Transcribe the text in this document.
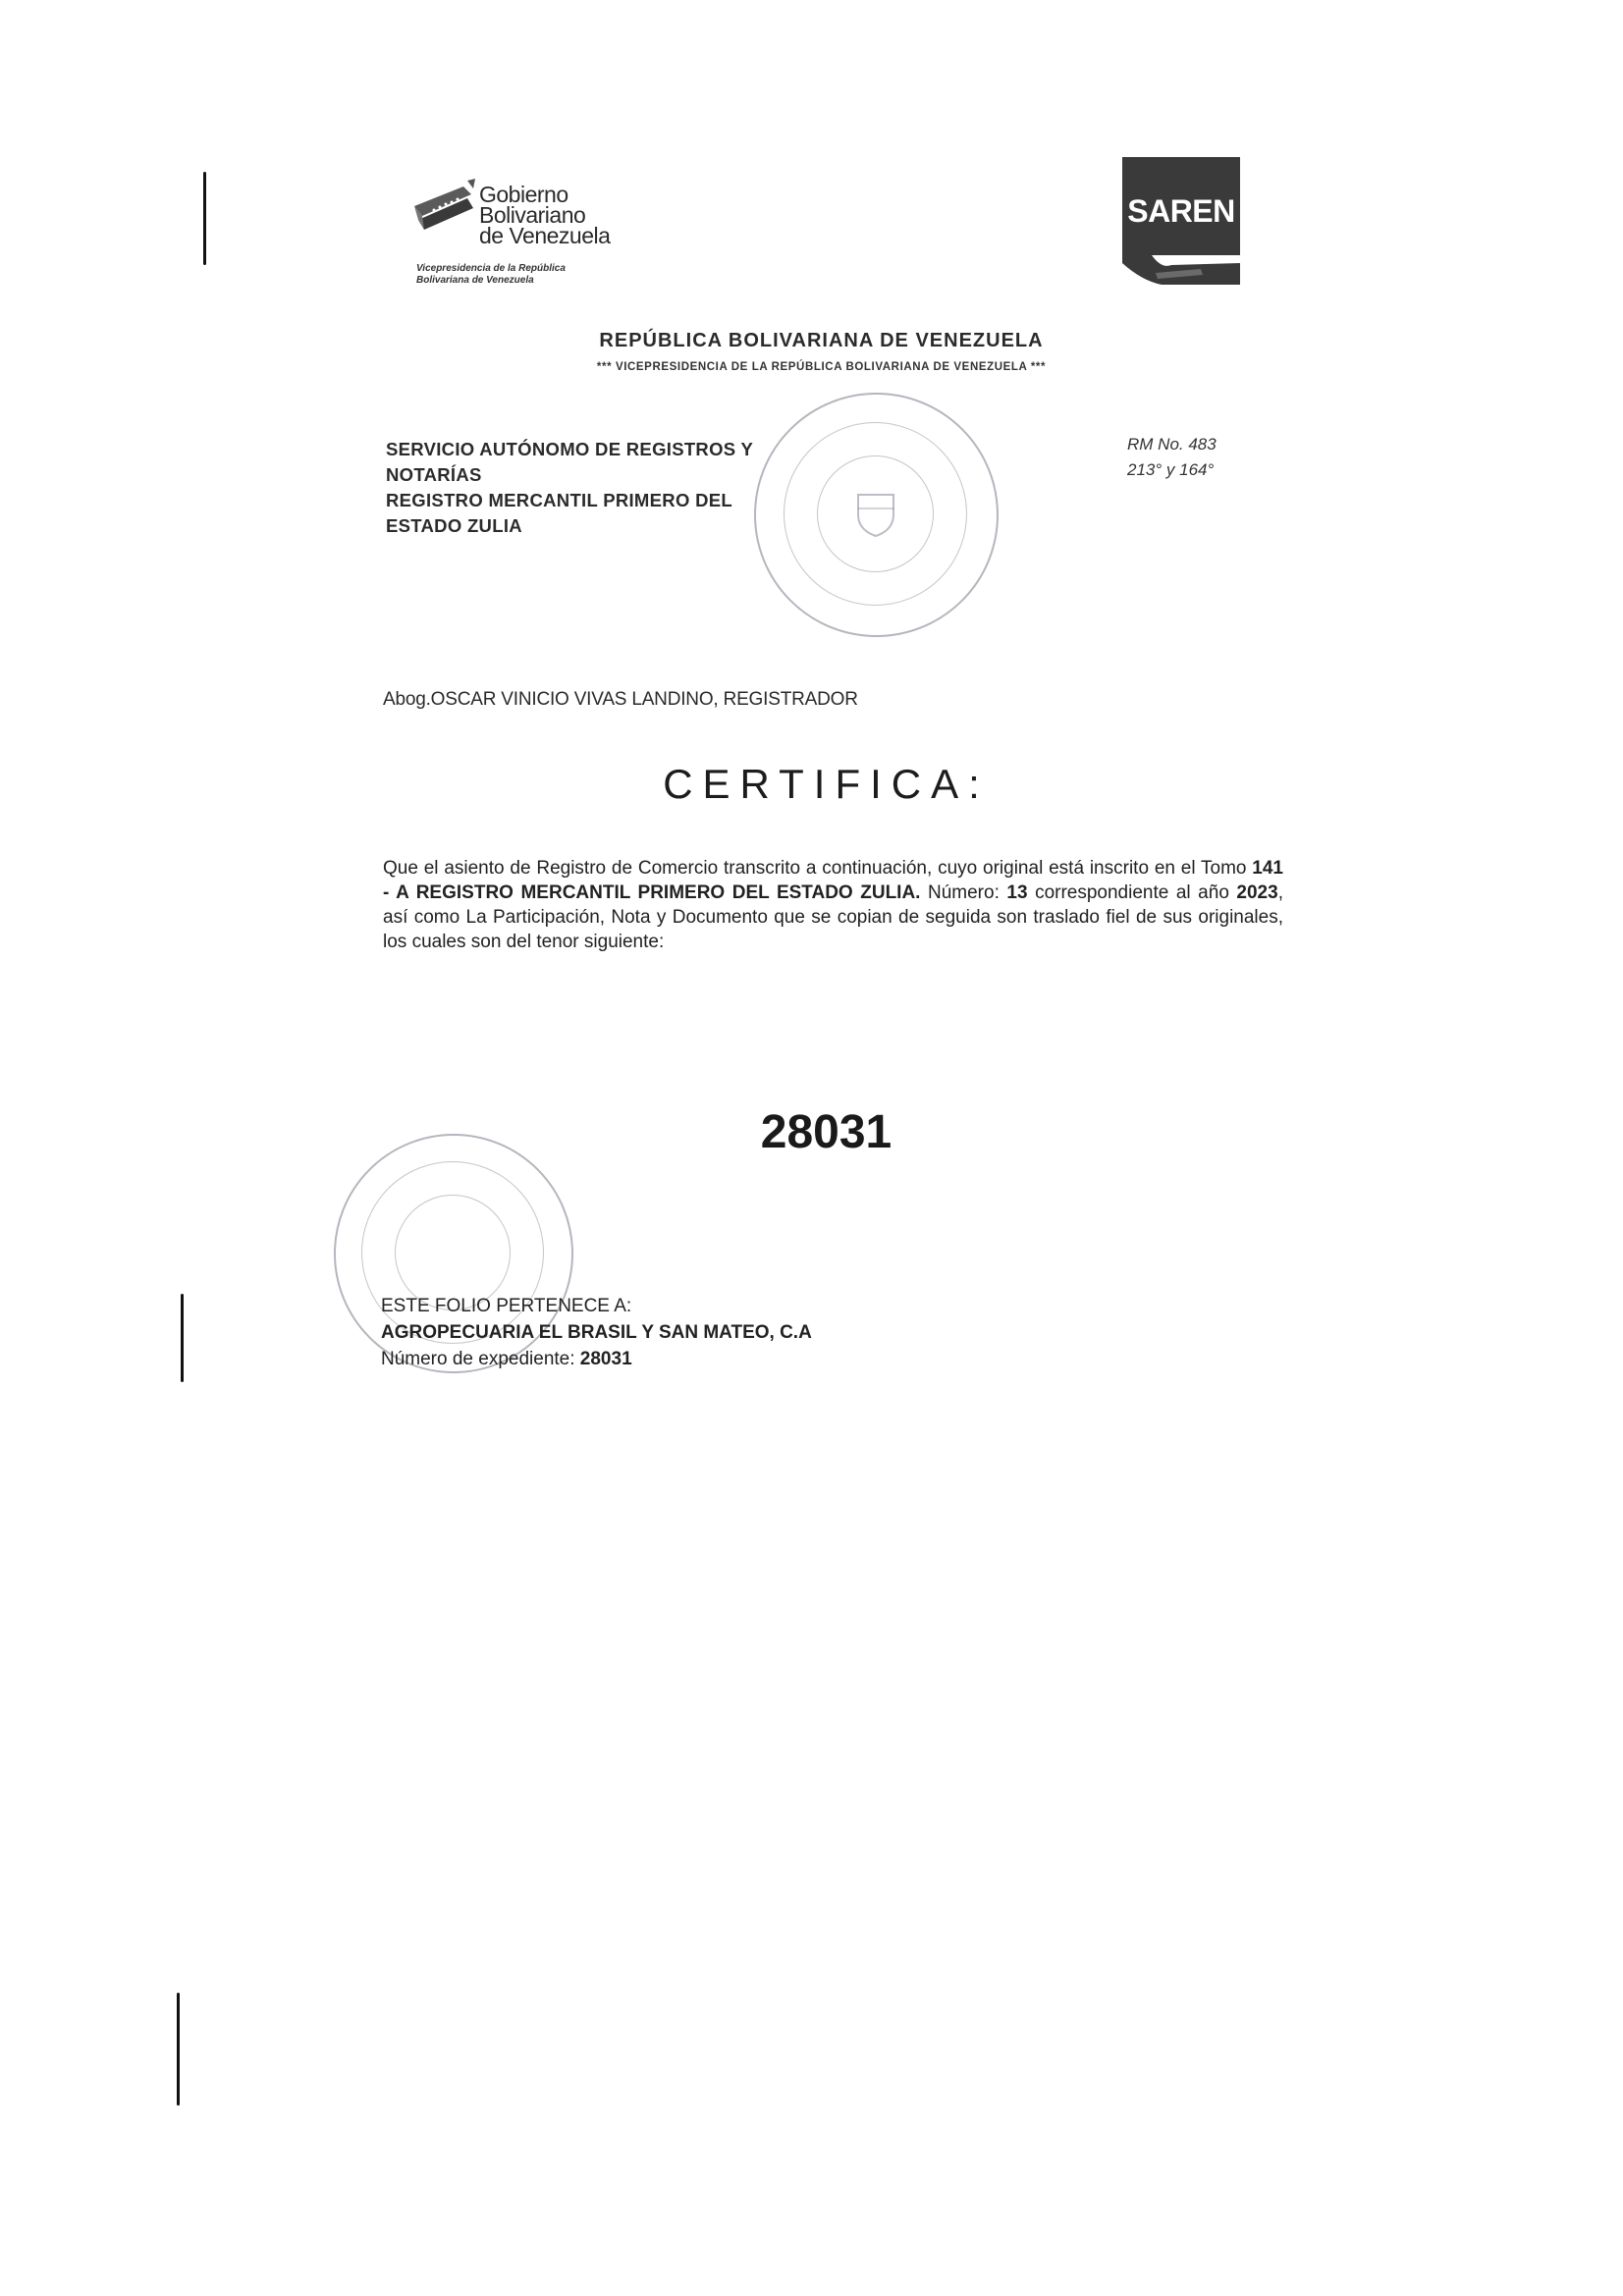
Gobierno
Bolivariano
de Venezuela
Vicepresidencia de la República
Bolivariana de Venezuela
SAREN
REPÚBLICA BOLIVARIANA DE VENEZUELA
*** VICEPRESIDENCIA DE LA REPÚBLICA BOLIVARIANA DE VENEZUELA ***
SERVICIO AUTÓNOMO DE REGISTROS Y
NOTARÍAS
REGISTRO MERCANTIL PRIMERO DEL
ESTADO ZULIA
RM No. 483
213° y 164°
Abog.OSCAR VINICIO VIVAS LANDINO, REGISTRADOR
CERTIFICA:
Que el asiento de Registro de Comercio transcrito a continuación, cuyo original está inscrito en el Tomo 141 - A REGISTRO MERCANTIL PRIMERO DEL ESTADO ZULIA. Número: 13 correspondiente al año 2023, así como La Participación, Nota y Documento que se copian de seguida son traslado fiel de sus originales, los cuales son del tenor siguiente:
28031
ESTE FOLIO PERTENECE A:
AGROPECUARIA EL BRASIL Y SAN MATEO, C.A
Número de expediente: 28031
